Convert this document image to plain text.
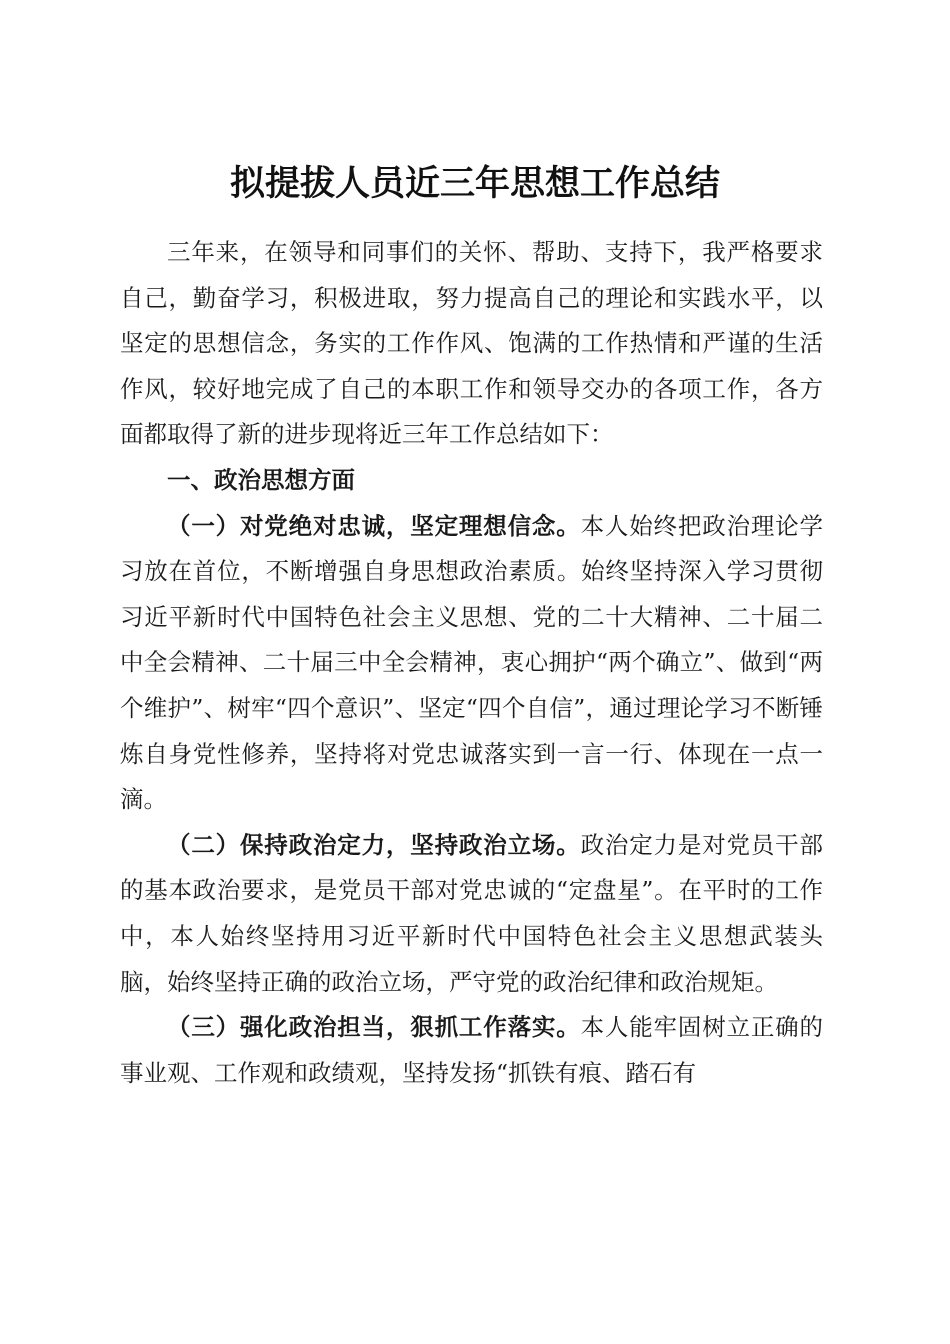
拟提拔人员近三年思想工作总结

三年来，在领导和同事们的关怀、帮助、支持下，我严格要求自己，勤奋学习，积极进取，努力提高自己的理论和实践水平，以坚定的思想信念，务实的工作作风、饱满的工作热情和严谨的生活作风，较好地完成了自己的本职工作和领导交办的各项工作，各方面都取得了新的进步现将近三年工作总结如下：

一、政治思想方面

（一）对党绝对忠诚，坚定理想信念。本人始终把政治理论学习放在首位，不断增强自身思想政治素质。始终坚持深入学习贯彻习近平新时代中国特色社会主义思想、党的二十大精神、二十届二中全会精神、二十届三中全会精神，衷心拥护“两个确立”、做到“两个维护”、树牢“四个意识”、坚定“四个自信”，通过理论学习不断锤炼自身党性修养，坚持将对党忠诚落实到一言一行、体现在一点一滴。

（二）保持政治定力，坚持政治立场。政治定力是对党员干部的基本政治要求，是党员干部对党忠诚的“定盘星”。在平时的工作中，本人始终坚持用习近平新时代中国特色社会主义思想武装头脑，始终坚持正确的政治立场，严守党的政治纪律和政治规矩。

（三）强化政治担当，狠抓工作落实。本人能牢固树立正确的事业观、工作观和政绩观，坚持发扬“抓铁有痕、踏石有
